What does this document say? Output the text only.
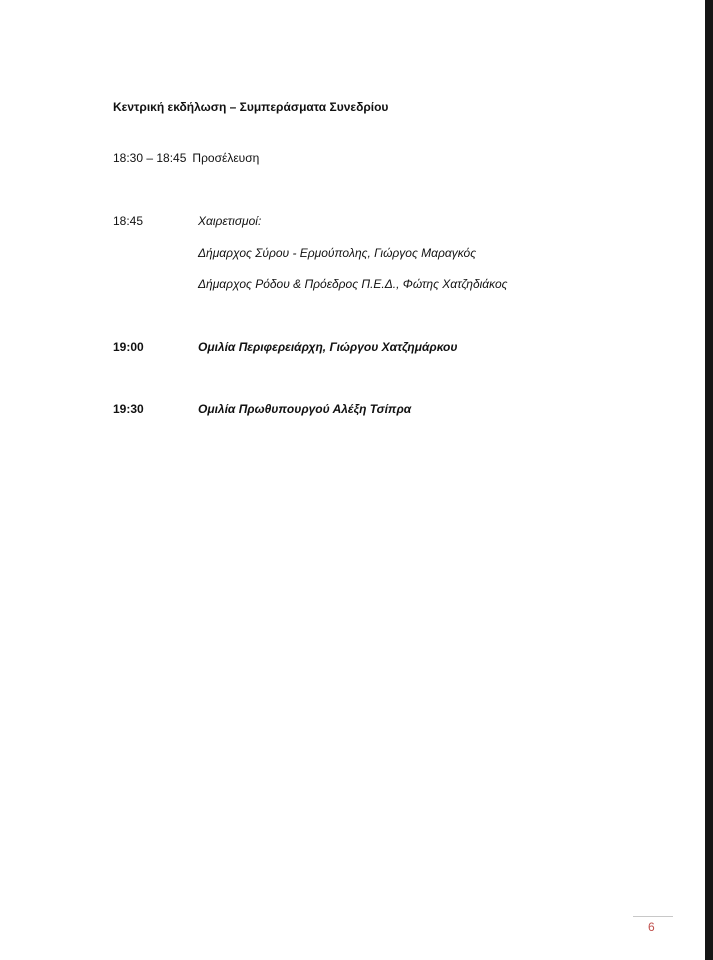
Κεντρική εκδήλωση – Συμπεράσματα Συνεδρίου
18:30 – 18:45 Προσέλευση
18:45	Χαιρετισμοί:
Δήμαρχος Σύρου - Ερμούπολης, Γιώργος Μαραγκός
Δήμαρχος Ρόδου & Πρόεδρος Π.Ε.Δ., Φώτης Χατζηδιάκος
19:00	Ομιλία Περιφερειάρχη, Γιώργου Χατζημάρκου
19:30	Ομιλία Πρωθυπουργού Αλέξη Τσίπρα
6
